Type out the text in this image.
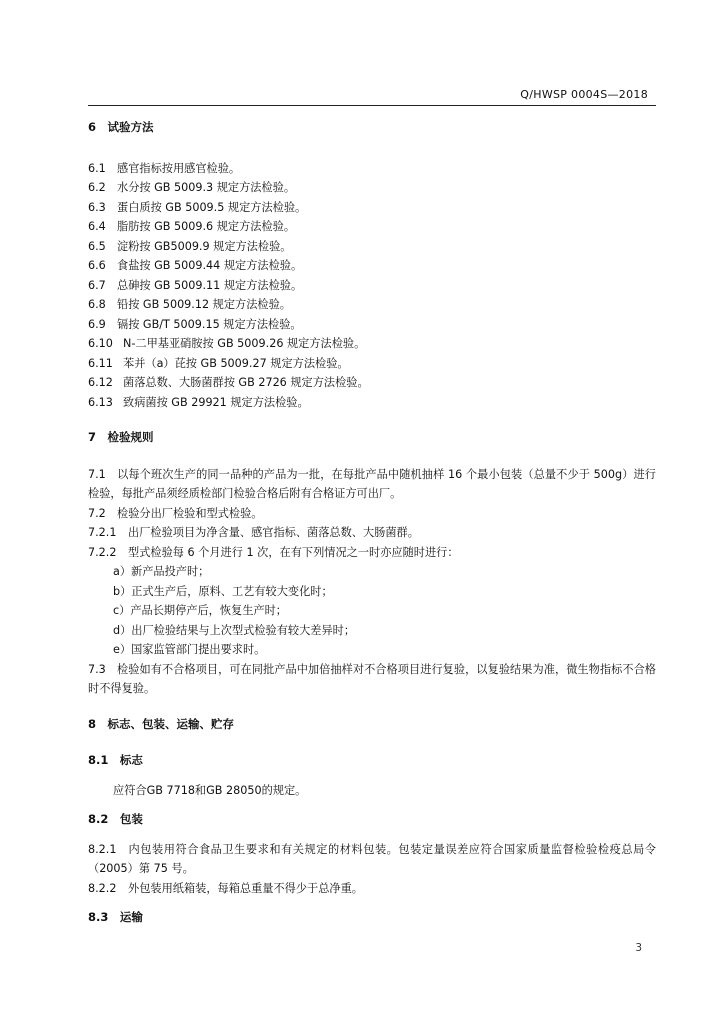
Q/HWSP 0004S—2018
6　试验方法
6.1 感官指标按用感官检验。
6.2 水分按 GB 5009.3 规定方法检验。
6.3 蛋白质按 GB 5009.5 规定方法检验。
6.4 脂肪按 GB 5009.6 规定方法检验。
6.5 淀粉按 GB5009.9 规定方法检验。
6.6 食盐按 GB 5009.44 规定方法检验。
6.7 总砷按 GB 5009.11 规定方法检验。
6.8 铅按 GB 5009.12 规定方法检验。
6.9 镉按 GB/T 5009.15 规定方法检验。
6.10 N-二甲基亚硝胺按 GB 5009.26 规定方法检验。
6.11 苯并（a）芘按 GB 5009.27 规定方法检验。
6.12 菌落总数、大肠菌群按 GB 2726 规定方法检验。
6.13 致病菌按 GB 29921 规定方法检验。
7　检验规则
7.1 以每个班次生产的同一品种的产品为一批，在每批产品中随机抽样 16 个最小包装（总量不少于 500g）进行检验，每批产品须经质检部门检验合格后附有合格证方可出厂。
7.2 检验分出厂检验和型式检验。
7.2.1 出厂检验项目为净含量、感官指标、菌落总数、大肠菌群。
7.2.2 型式检验每 6 个月进行 1 次，在有下列情况之一时亦应随时进行：
a）新产品投产时；
b）正式生产后，原料、工艺有较大变化时；
c）产品长期停产后，恢复生产时；
d）出厂检验结果与上次型式检验有较大差异时；
e）国家监管部门提出要求时。
7.3 检验如有不合格项目，可在同批产品中加倍抽样对不合格项目进行复验，以复验结果为准，微生物指标不合格时不得复验。
8　标志、包装、运输、贮存
8.1　标志
应符合GB 7718和GB 28050的规定。
8.2　包装
8.2.1 内包装用符合食品卫生要求和有关规定的材料包装。包装定量误差应符合国家质量监督检验检疫总局令（2005）第 75 号。
8.2.2 外包装用纸箱装，每箱总重量不得少于总净重。
8.3　运输
3
